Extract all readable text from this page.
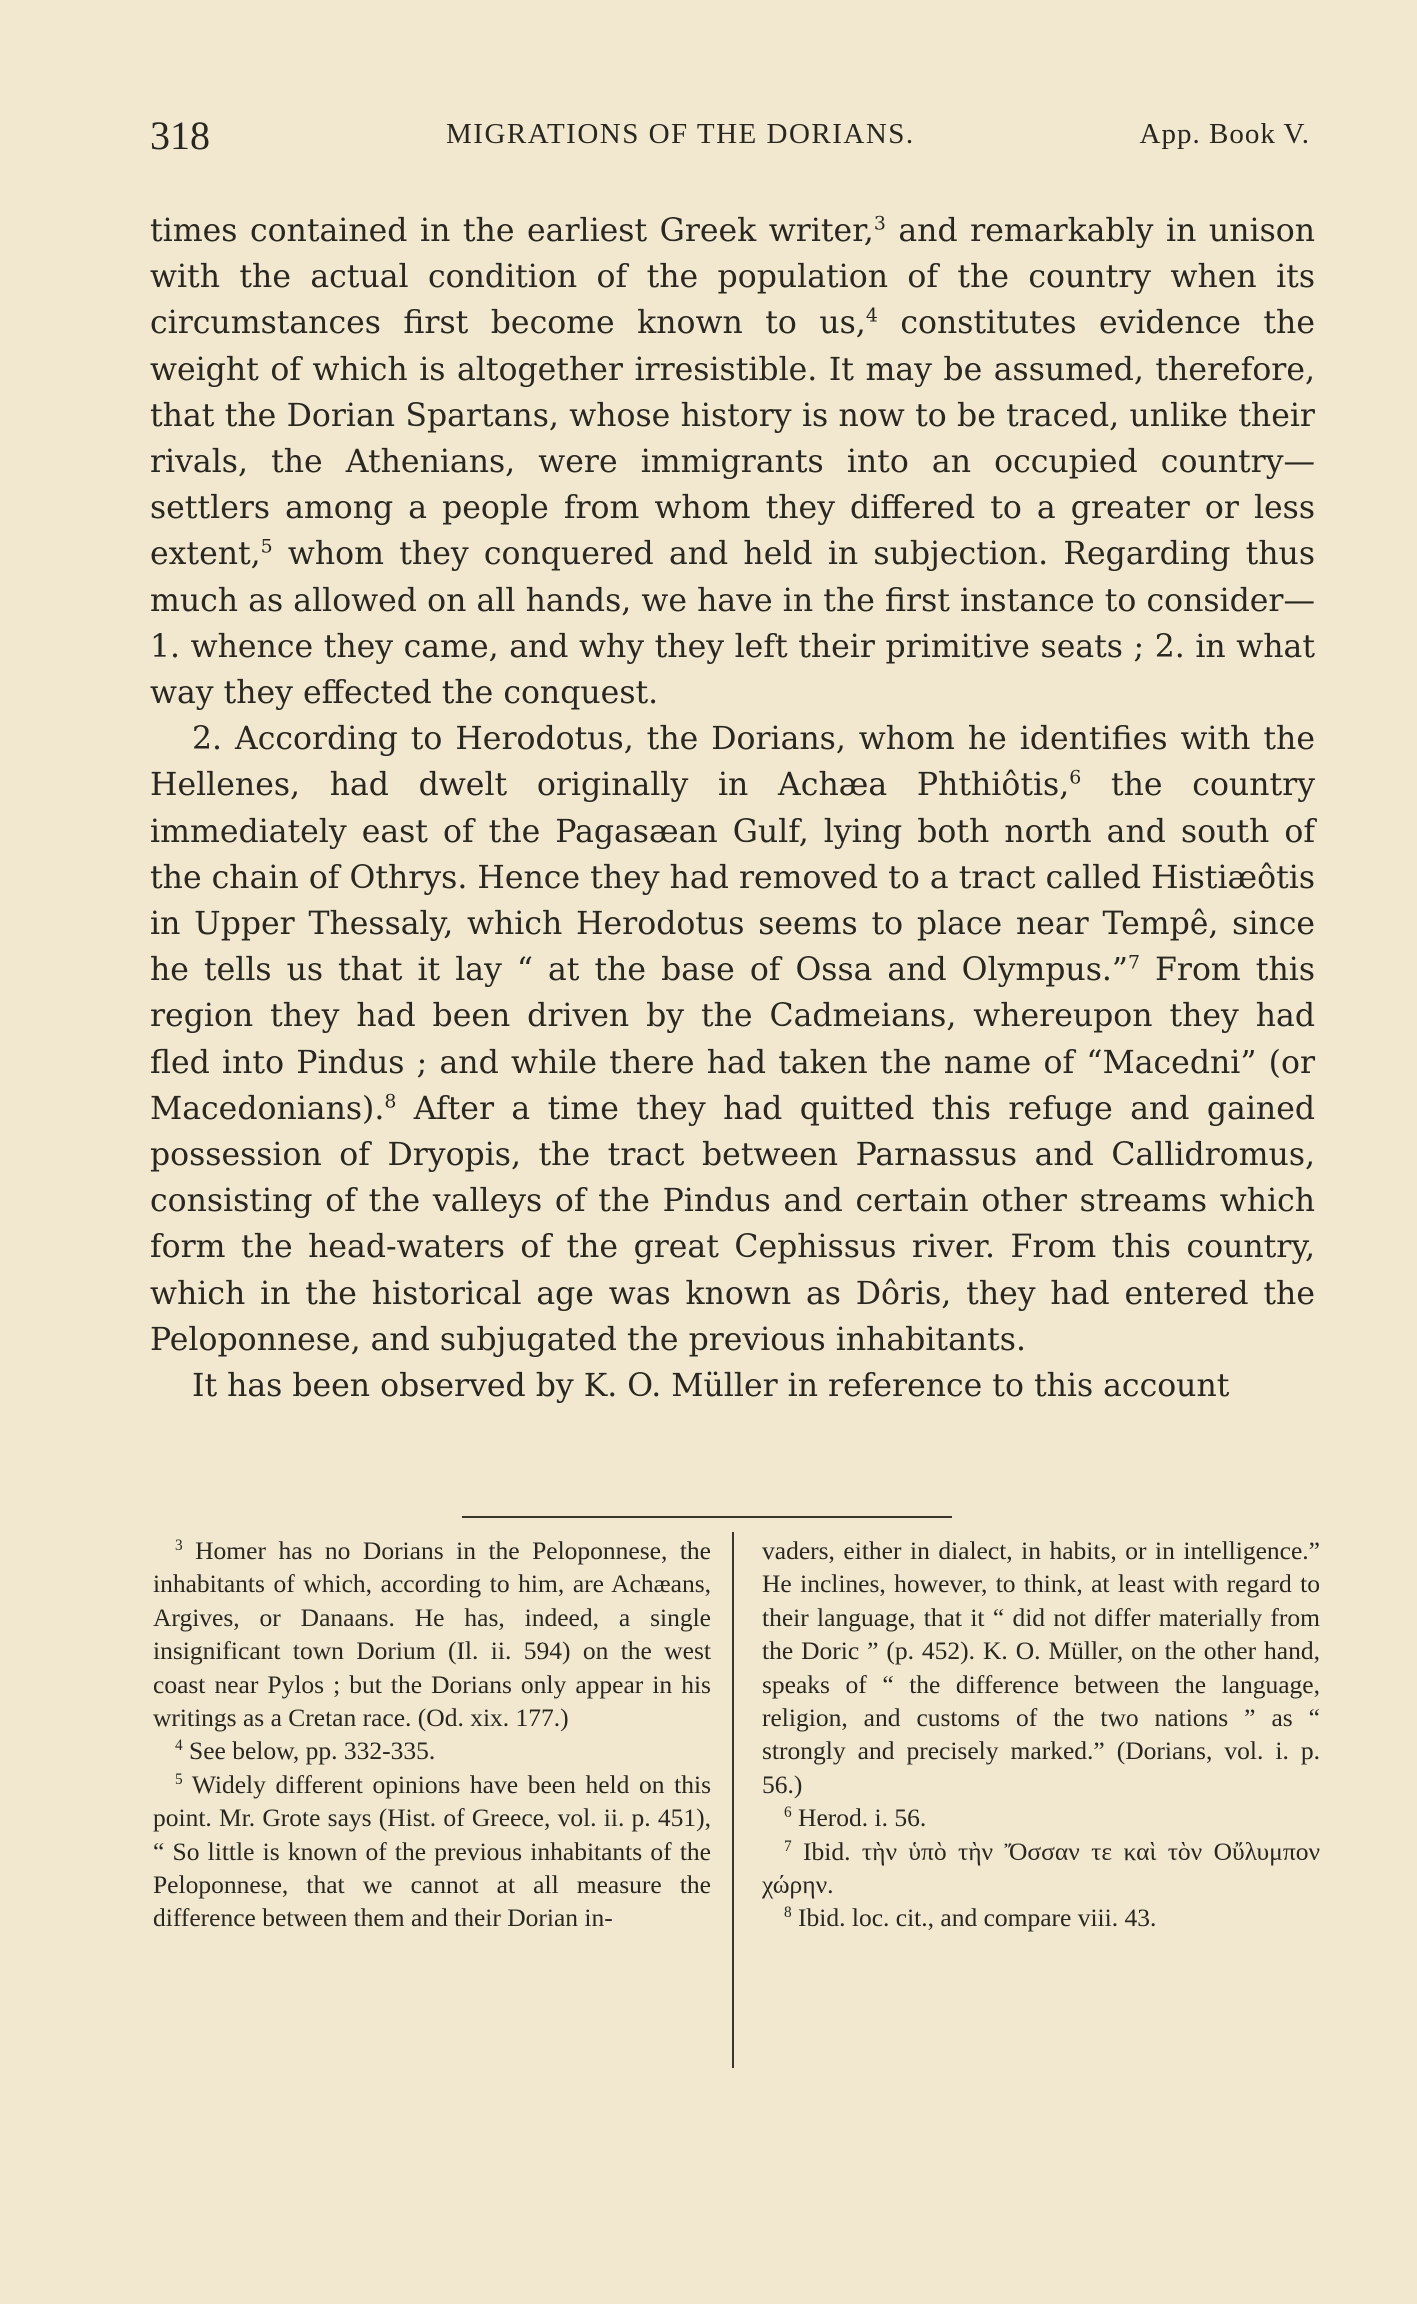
318	MIGRATIONS OF THE DORIANS.	App. Book V.

times contained in the earliest Greek writer,$^3$ and remarkably in unison with the actual condition of the population of the country when its circumstances first become known to us,$^4$ constitutes evidence the weight of which is altogether irresistible. It may be assumed, therefore, that the Dorian Spartans, whose history is now to be traced, unlike their rivals, the Athenians, were immigrants into an occupied country—settlers among a people from whom they differed to a greater or less extent,$^5$ whom they conquered and held in subjection. Regarding thus much as allowed on all hands, we have in the first instance to consider—1. whence they came, and why they left their primitive seats ; 2. in what way they effected the conquest.

2. According to Herodotus, the Dorians, whom he identifies with the Hellenes, had dwelt originally in Achæa Phthiôtis,$^6$ the country immediately east of the Pagasæan Gulf, lying both north and south of the chain of Othrys. Hence they had removed to a tract called Histiæôtis in Upper Thessaly, which Herodotus seems to place near Tempê, since he tells us that it lay “ at the base of Ossa and Olympus.”$^7$ From this region they had been driven by the Cadmeians, whereupon they had fled into Pindus ; and while there had taken the name of “Macedni” (or Macedonians).$^8$ After a time they had quitted this refuge and gained possession of Dryopis, the tract between Parnassus and Callidromus, consisting of the valleys of the Pindus and certain other streams which form the head-waters of the great Cephissus river. From this country, which in the historical age was known as Dôris, they had entered the Peloponnese, and subjugated the previous inhabitants.

It has been observed by K. O. Müller in reference to this account

$^3$ Homer has no Dorians in the Peloponnese, the inhabitants of which, according to him, are Achæans, Argives, or Danaans. He has, indeed, a single insignificant town Dorium (Il. ii. 594) on the west coast near Pylos ; but the Dorians only appear in his writings as a Cretan race. (Od. xix. 177.)

$^4$ See below, pp. 332-335.

$^5$ Widely different opinions have been held on this point. Mr. Grote says (Hist. of Greece, vol. ii. p. 451), “ So little is known of the previous inhabitants of the Peloponnese, that we cannot at all measure the difference between them and their Dorian in-

vaders, either in dialect, in habits, or in intelligence.” He inclines, however, to think, at least with regard to their language, that it “ did not differ materially from the Doric ” (p. 452). K. O. Müller, on the other hand, speaks of “ the difference between the language, religion, and customs of the two nations ” as “ strongly and precisely marked.” (Dorians, vol. i. p. 56.)

$^6$ Herod. i. 56.

$^7$ Ibid. τὴν ὑπὸ τὴν Ὄσσαν τε καὶ τὸν Οὔλυμπον χώρην.

$^8$ Ibid. loc. cit., and compare viii. 43.
